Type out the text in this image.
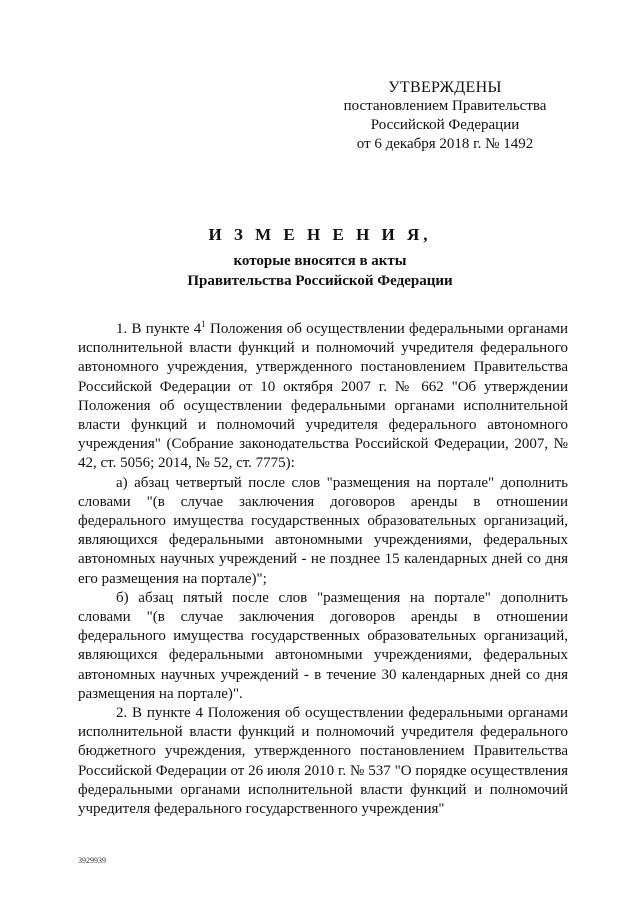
УТВЕРЖДЕНЫ
постановлением Правительства
Российской Федерации
от 6 декабря 2018 г. № 1492
И З М Е Н Е Н И Я,
которые вносятся в акты
Правительства Российской Федерации

1. В пункте $4^1$ Положения об осуществлении федеральными органами исполнительной власти функций и полномочий учредителя федерального автономного учреждения, утвержденного постановлением Правительства Российской Федерации от 10 октября 2007 г. № 662 "Об утверждении Положения об осуществлении федеральными органами исполнительной власти функций и полномочий учредителя федерального автономного учреждения" (Собрание законодательства Российской Федерации, 2007, № 42, ст. 5056; 2014, № 52, ст. 7775):

а) абзац четвертый после слов "размещения на портале" дополнить словами "(в случае заключения договоров аренды в отношении федерального имущества государственных образовательных организаций, являющихся федеральными автономными учреждениями, федеральных автономных научных учреждений - не позднее 15 календарных дней со дня его размещения на портале)";

б) абзац пятый после слов "размещения на портале" дополнить словами "(в случае заключения договоров аренды в отношении федерального имущества государственных образовательных организаций, являющихся федеральными автономными учреждениями, федеральных автономных научных учреждений - в течение 30 календарных дней со дня размещения на портале)".

2. В пункте 4 Положения об осуществлении федеральными органами исполнительной власти функций и полномочий учредителя федерального бюджетного учреждения, утвержденного постановлением Правительства Российской Федерации от 26 июля 2010 г. № 537 "О порядке осуществления федеральными органами исполнительной власти функций и полномочий учредителя федерального государственного учреждения"

3929939
